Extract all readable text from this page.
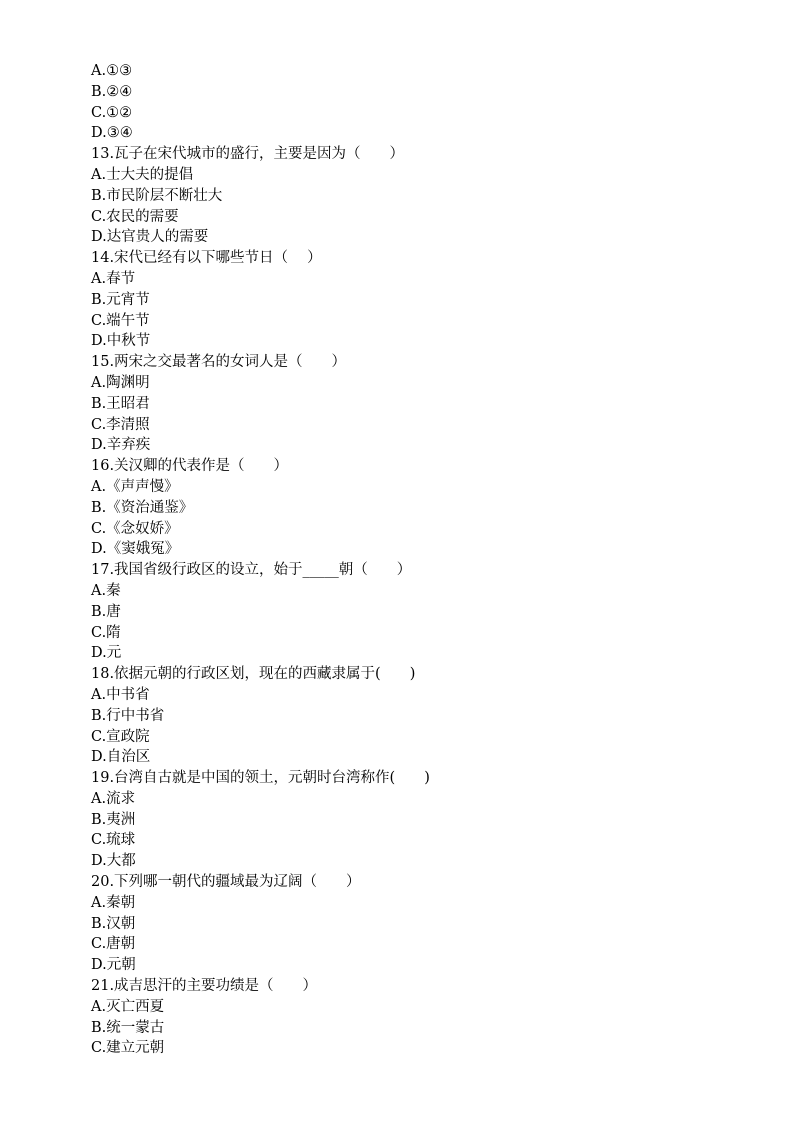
A.①③
B.②④
C.①②
D.③④
13.瓦子在宋代城市的盛行，主要是因为（　　）
A.士大夫的提倡
B.市民阶层不断壮大
C.农民的需要
D.达官贵人的需要
14.宋代已经有以下哪些节日（　 ）
A.春节
B.元宵节
C.端午节
D.中秋节
15.两宋之交最著名的女词人是（　　）
A.陶渊明
B.王昭君
C.李清照
D.辛弃疾
16.关汉卿的代表作是（　　）
A.《声声慢》
B.《资治通鉴》
C.《念奴娇》
D.《窦娥冤》
17.我国省级行政区的设立，始于_____朝（　　）
A.秦
B.唐
C.隋
D.元
18.依据元朝的行政区划，现在的西藏隶属于(　　)
A.中书省
B.行中书省
C.宣政院
D.自治区
19.台湾自古就是中国的领土，元朝时台湾称作(　　)
A.流求
B.夷洲
C.琉球
D.大都
20.下列哪一朝代的疆域最为辽阔（　　）
A.秦朝
B.汉朝
C.唐朝
D.元朝
21.成吉思汗的主要功绩是（　　）
A.灭亡西夏
B.统一蒙古
C.建立元朝
